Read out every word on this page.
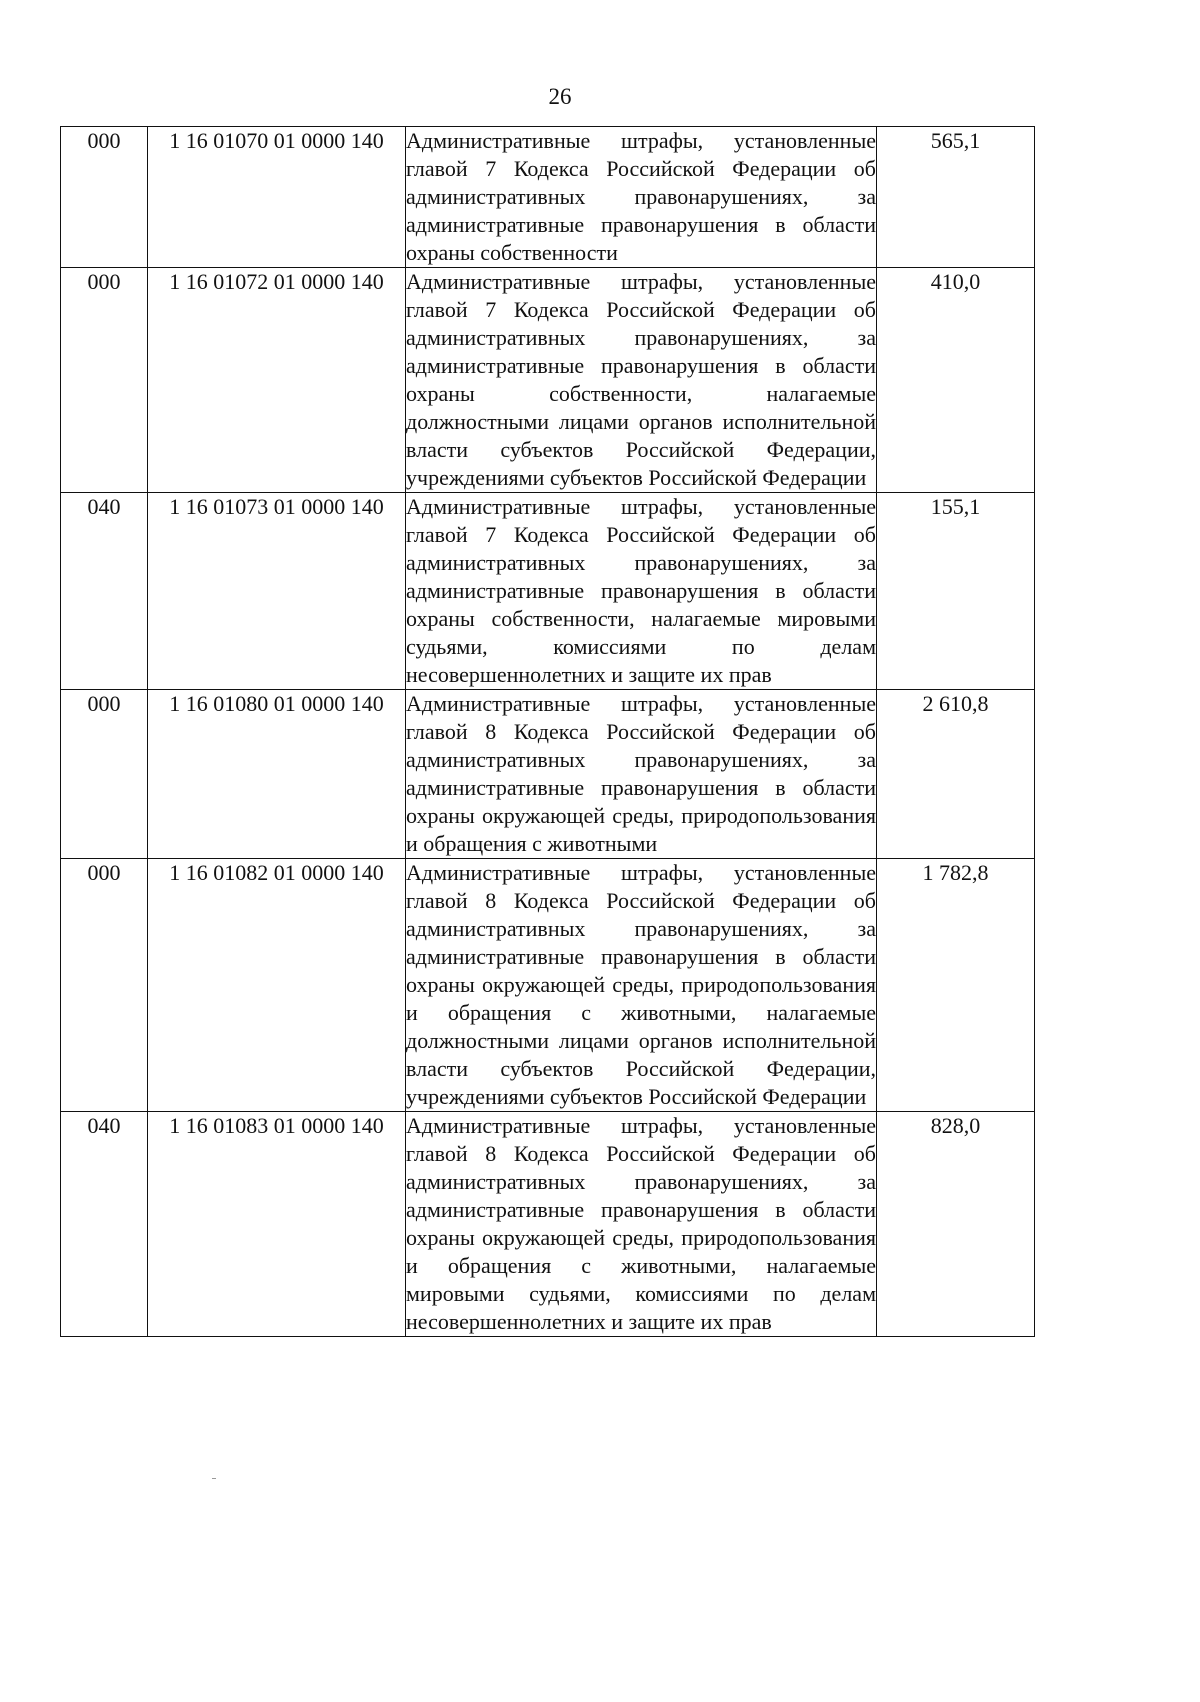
26
000	1 16 01070 01 0000 140	Административные штрафы, установленные главой 7 Кодекса Российской Федерации об административных правонарушениях, за административные правонарушения в области охраны собственности	565,1
000	1 16 01072 01 0000 140	Административные штрафы, установленные главой 7 Кодекса Российской Федерации об административных правонарушениях, за административные правонарушения в области охраны собственности, налагаемые должностными лицами органов исполнительной власти субъектов Российской Федерации, учреждениями субъектов Российской Федерации	410,0
040	1 16 01073 01 0000 140	Административные штрафы, установленные главой 7 Кодекса Российской Федерации об административных правонарушениях, за административные правонарушения в области охраны собственности, налагаемые мировыми судьями, комиссиями по делам несовершеннолетних и защите их прав	155,1
000	1 16 01080 01 0000 140	Административные штрафы, установленные главой 8 Кодекса Российской Федерации об административных правонарушениях, за административные правонарушения в области охраны окружающей среды, природопользования и обращения с животными	2 610,8
000	1 16 01082 01 0000 140	Административные штрафы, установленные главой 8 Кодекса Российской Федерации об административных правонарушениях, за административные правонарушения в области охраны окружающей среды, природопользования и обращения с животными, налагаемые должностными лицами органов исполнительной власти субъектов Российской Федерации, учреждениями субъектов Российской Федерации	1 782,8
040	1 16 01083 01 0000 140	Административные штрафы, установленные главой 8 Кодекса Российской Федерации об административных правонарушениях, за административные правонарушения в области охраны окружающей среды, природопользования и обращения с животными, налагаемые мировыми судьями, комиссиями по делам несовершеннолетних и защите их прав	828,0
